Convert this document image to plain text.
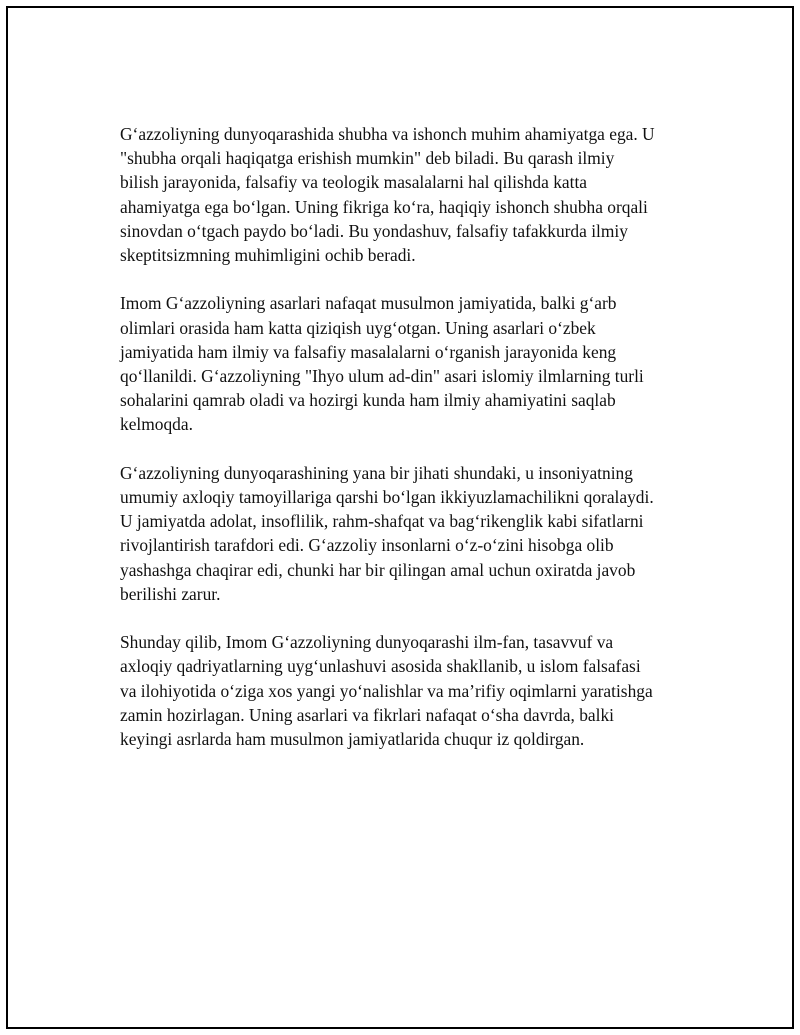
G‘azzoliyning dunyoqarashida shubha va ishonch muhim ahamiyatga ega. U
"shubha orqali haqiqatga erishish mumkin" deb biladi. Bu qarash ilmiy
bilish jarayonida, falsafiy va teologik masalalarni hal qilishda katta
ahamiyatga ega bo‘lgan. Uning fikriga ko‘ra, haqiqiy ishonch shubha orqali
sinovdan o‘tgach paydo bo‘ladi. Bu yondashuv, falsafiy tafakkurda ilmiy
skeptitsizmning muhimligini ochib beradi.

Imom G‘azzoliyning asarlari nafaqat musulmon jamiyatida, balki g‘arb
olimlari orasida ham katta qiziqish uyg‘otgan. Uning asarlari o‘zbek
jamiyatida ham ilmiy va falsafiy masalalarni o‘rganish jarayonida keng
qo‘llanildi. G‘azzoliyning "Ihyo ulum ad-din" asari islomiy ilmlarning turli
sohalarini qamrab oladi va hozirgi kunda ham ilmiy ahamiyatini saqlab
kelmoqda.

G‘azzoliyning dunyoqarashining yana bir jihati shundaki, u insoniyatning
umumiy axloqiy tamoyillariga qarshi bo‘lgan ikkiyuzlamachilikni qoralaydi.
U jamiyatda adolat, insoflilik, rahm-shafqat va bag‘rikenglik kabi sifatlarni
rivojlantirish tarafdori edi. G‘azzoliy insonlarni o‘z-o‘zini hisobga olib
yashashga chaqirar edi, chunki har bir qilingan amal uchun oxiratda javob
berilishi zarur.

Shunday qilib, Imom G‘azzoliyning dunyoqarashi ilm-fan, tasavvuf va
axloqiy qadriyatlarning uyg‘unlashuvi asosida shakllanib, u islom falsafasi
va ilohiyotida o‘ziga xos yangi yo‘nalishlar va ma’rifiy oqimlarni yaratishga
zamin hozirlagan. Uning asarlari va fikrlari nafaqat o‘sha davrda, balki
keyingi asrlarda ham musulmon jamiyatlarida chuqur iz qoldirgan.
